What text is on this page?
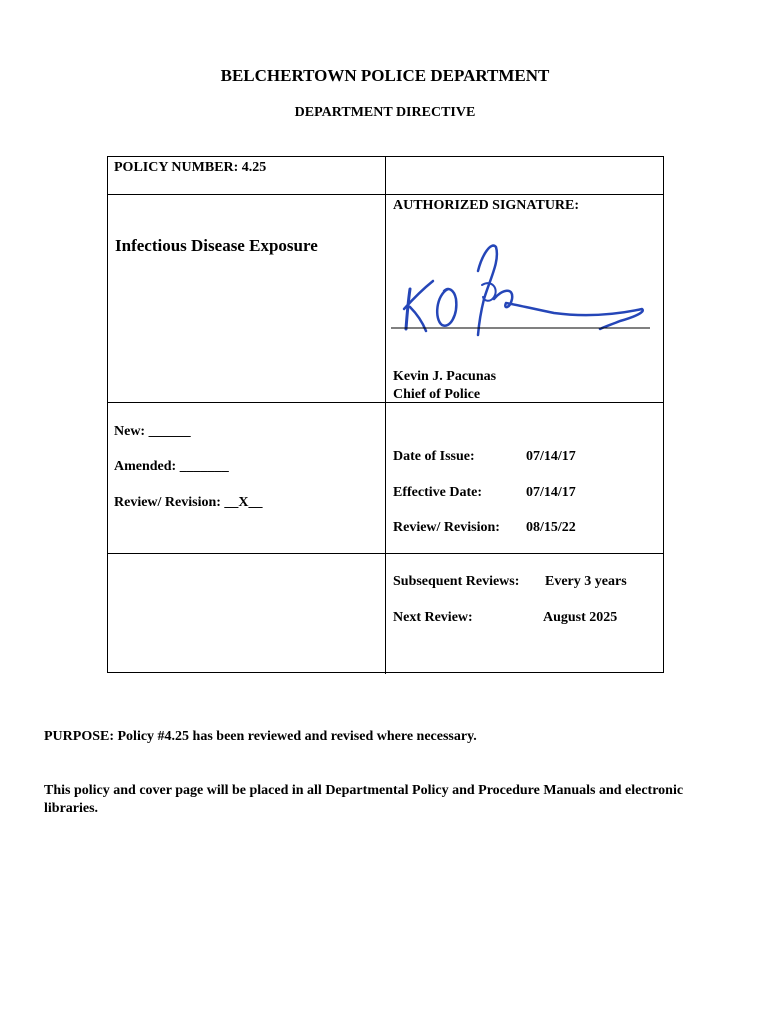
BELCHERTOWN POLICE DEPARTMENT
DEPARTMENT DIRECTIVE
POLICY NUMBER: 4.25
Infectious Disease Exposure
AUTHORIZED SIGNATURE:
Kevin J. Pacunas
Chief of Police
New: ______
Amended: _______
Review/ Revision: __X__
Date of Issue:	07/14/17
Effective Date:	07/14/17
Review/ Revision: 08/15/22
Subsequent Reviews: Every 3 years
Next Review:	August 2025
PURPOSE: Policy #4.25 has been reviewed and revised where necessary.
This policy and cover page will be placed in all Departmental Policy and Procedure Manuals and electronic libraries.
